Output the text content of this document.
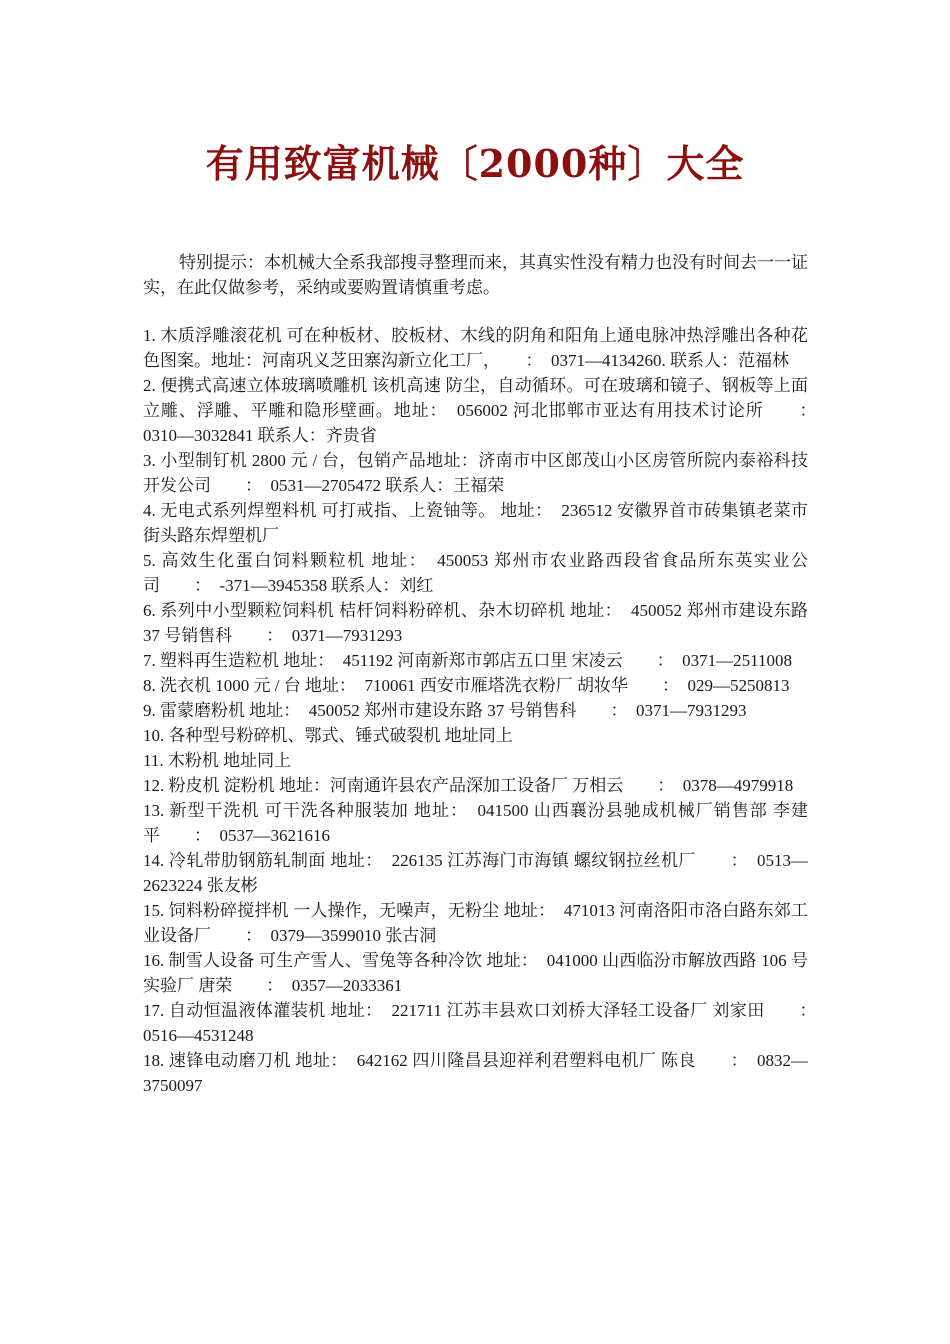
有用致富机械〔2000种〕大全

特别提示：本机械大全系我部搜寻整理而来，其真实性没有精力也没有时间去一一证实，在此仅做参考，采纳或要购置请慎重考虑。

1. 木质浮雕滚花机 可在种板材、胶板材、木线的阴角和阳角上通电脉冲热浮雕出各种花色图案。地址：河南巩义芝田寨沟新立化工厂，　　：　0371—4134260. 联系人：范福林
2. 便携式高速立体玻璃喷雕机 该机高速 防尘，自动循环。可在玻璃和镜子、钢板等上面立雕、浮雕、平雕和隐形壁画。地址：　056002 河北邯郸市亚达有用技术讨论所　　：　0310—3032841 联系人：齐贵省
3. 小型制钉机 2800 元 / 台，包销产品地址：济南市中区郎茂山小区房管所院内泰裕科技开发公司　　：　0531—2705472 联系人：王福荣
4. 无电式系列焊塑料机 可打戒指、上瓷铀等。 地址：　236512 安徽界首市砖集镇老菜市街头路东焊塑机厂
5. 高效生化蛋白饲料颗粒机 地址：　450053 郑州市农业路西段省食品所东英实业公司　　：　-371—3945358 联系人：刘红
6. 系列中小型颗粒饲料机 桔杆饲料粉碎机、杂木切碎机 地址：　450052 郑州市建设东路 37 号销售科　　：　0371—7931293
7. 塑料再生造粒机 地址：　451192 河南新郑市郭店五口里 宋凌云　　：　0371—2511008
8. 洗衣机 1000 元 / 台 地址：　710061 西安市雁塔洗衣粉厂 胡妆华　　：　029—5250813
9. 雷蒙磨粉机 地址：　450052 郑州市建设东路 37 号销售科　　：　0371—7931293
10. 各种型号粉碎机、鄂式、锤式破裂机 地址同上
11. 木粉机 地址同上
12. 粉皮机 淀粉机 地址：河南通许县农产品深加工设备厂 万相云　　：　0378—4979918
13. 新型干洗机 可干洗各种服装加 地址：　041500 山西襄汾县驰成机械厂销售部 李建平　　：　0537—3621616
14. 冷轧带肋钢筋轧制面 地址：　226135 江苏海门市海镇 螺纹钢拉丝机厂　　：　0513—2623224 张友彬
15. 饲料粉碎搅拌机 一人操作，无噪声，无粉尘 地址：　471013 河南洛阳市洛白路东郊工业设备厂　　：　0379—3599010 张古洞
16. 制雪人设备 可生产雪人、雪兔等各种冷饮 地址：　041000 山西临汾市解放西路 106 号实验厂 唐荣　　：　0357—2033361
17. 自动恒温液体灌装机 地址：　221711 江苏丰县欢口刘桥大泽轻工设备厂 刘家田　　：　0516—4531248
18. 速锋电动磨刀机 地址：　642162 四川隆昌县迎祥利君塑料电机厂 陈良　　：　0832—3750097
